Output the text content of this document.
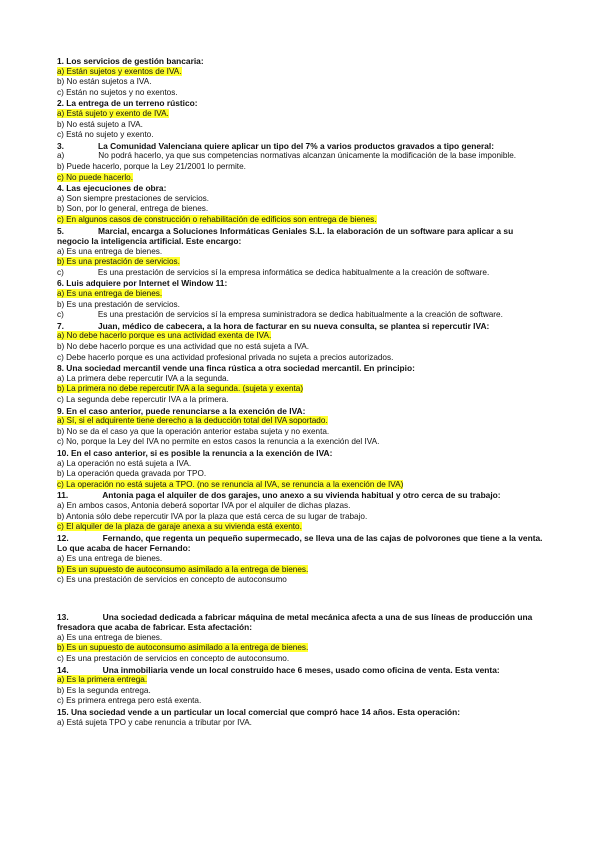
1. Los servicios de gestión bancaria:

a) Están sujetos y exentos de IVA.

b) No están sujetos a IVA.

c) Están no sujetos y no exentos.

2. La entrega de un terreno rústico:

a) Está sujeto y exento de IVA.

b) No está sujeto a IVA.

c) Está no sujeto y exento.

3.	La Comunidad Valenciana quiere aplicar un tipo del 7% a varios productos gravados a tipo general:

a)	No podrá hacerlo, ya que sus competencias normativas alcanzan únicamente la modificación de la base imponible.

b) Puede hacerlo, porque la Ley 21/2001 lo permite.

c) No puede hacerlo.

4. Las ejecuciones de obra:

a) Son siempre prestaciones de servicios.

b) Son, por lo general, entrega de bienes.

c) En algunos casos de construcción o rehabilitación de edificios son entrega de bienes.

5.	Marcial, encarga a Soluciones Informáticas Geniales S.L. la elaboración de un software para aplicar a su negocio la inteligencia artificial. Este encargo:

a) Es una entrega de bienes.

b) Es una prestación de servicios.

c)	Es una prestación de servicios sí la empresa informática se dedica habitualmente a la creación de software.

6. Luis adquiere por Internet el Window 11:

a) Es una entrega de bienes.

b) Es una prestación de servicios.

c)	Es una prestación de servicios sí la empresa suministradora se dedica habitualmente a la creación de software.

7.	Juan, médico de cabecera, a la hora de facturar en su nueva consulta, se plantea si repercutir IVA:

a) No debe hacerlo porque es una actividad exenta de IVA.

b) No debe hacerlo porque es una actividad que no está sujeta a IVA.

c) Debe hacerlo porque es una actividad profesional privada no sujeta a precios autorizados.

8. Una sociedad mercantil vende una finca rústica a otra sociedad mercantil. En principio:

a) La primera debe repercutir IVA a la segunda.

b) La primera no debe repercutir IVA a la segunda. (sujeta y exenta)

c) La segunda debe repercutir IVA a la primera.

9. En el caso anterior, puede renunciarse a la exención de IVA:

a) Sí, si el adquirente tiene derecho a la deducción total del IVA soportado.

b) No se da el caso ya que la operación anterior estaba sujeta y no exenta.

c) No, porque la Ley del IVA no permite en estos casos la renuncia a la exención del IVA.

10. En el caso anterior, si es posible la renuncia a la exención de IVA:

a) La operación no está sujeta a IVA.

b) La operación queda gravada por TPO.

c) La operación no está sujeta a TPO. (no se renuncia al IVA, se renuncia a la exención de IVA)

11.	Antonia paga el alquiler de dos garajes, uno anexo a su vivienda habitual y otro cerca de su trabajo:

a) En ambos casos, Antonia deberá soportar IVA por el alquiler de dichas plazas.

b) Antonia sólo debe repercutir IVA por la plaza que está cerca de su lugar de trabajo.

c) El alquiler de la plaza de garaje anexa a su vivienda está exento.

12.	Fernando, que regenta un pequeño supermecado, se lleva una de las cajas de polvorones que tiene a la venta. Lo que acaba de hacer Fernando:

a) Es una entrega de bienes.

b) Es un supuesto de autoconsumo asimilado a la entrega de bienes.

c) Es una prestación de servicios en concepto de autoconsumo

13.	Una sociedad dedicada a fabricar máquina de metal mecánica afecta a una de sus líneas de producción una fresadora que acaba de fabricar. Esta afectación:

a) Es una entrega de bienes.

b) Es un supuesto de autoconsumo asimilado a la entrega de bienes.

c) Es una prestación de servicios en concepto de autoconsumo.

14.	Una inmobiliaria vende un local construido hace 6 meses, usado como oficina de venta. Esta venta:

a) Es la primera entrega.

b) Es la segunda entrega.

c) Es primera entrega pero está exenta.

15. Una sociedad vende a un particular un local comercial que compró hace 14 años. Esta operación:

a) Está sujeta TPO y cabe renuncia a tributar por IVA.
